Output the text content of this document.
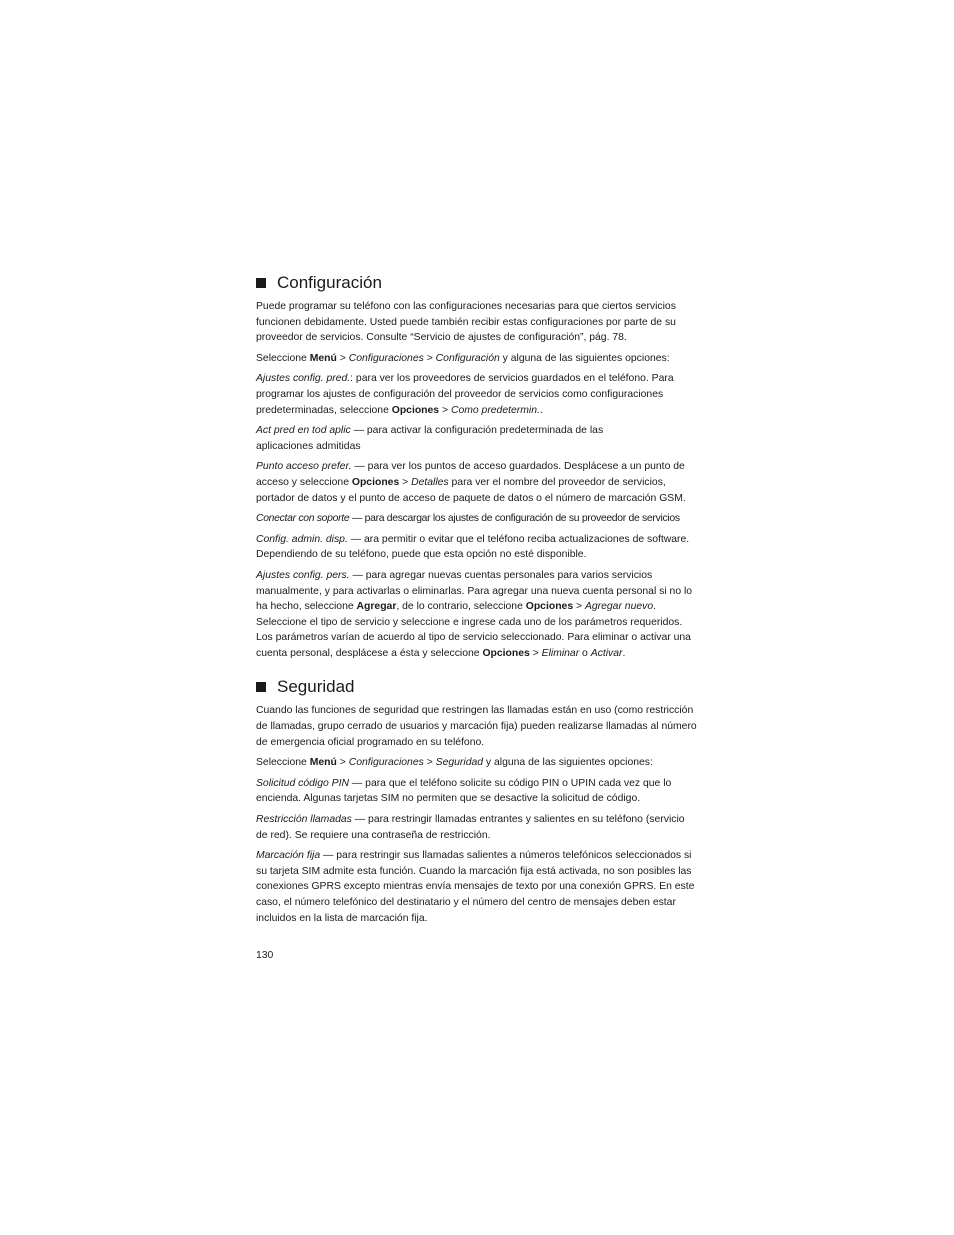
Configuración

Puede programar su teléfono con las configuraciones necesarias para que ciertos servicios funcionen debidamente. Usted puede también recibir estas configuraciones por parte de su proveedor de servicios. Consulte “Servicio de ajustes de configuración”, pág. 78.

Seleccione Menú > Configuraciones > Configuración y alguna de las siguientes opciones:

Ajustes config. pred.: para ver los proveedores de servicios guardados en el teléfono. Para programar los ajustes de configuración del proveedor de servicios como configuraciones predeterminadas, seleccione Opciones > Como predetermin..

Act pred en tod aplic — para activar la configuración predeterminada de las aplicaciones admitidas

Punto acceso prefer. — para ver los puntos de acceso guardados. Desplácese a un punto de acceso y seleccione Opciones > Detalles para ver el nombre del proveedor de servicios, portador de datos y el punto de acceso de paquete de datos o el número de marcación GSM.

Conectar con soporte — para descargar los ajustes de configuración de su proveedor de servicios

Config. admin. disp. — ara permitir o evitar que el teléfono reciba actualizaciones de software. Dependiendo de su teléfono, puede que esta opción no esté disponible.

Ajustes config. pers. — para agregar nuevas cuentas personales para varios servicios manualmente, y para activarlas o eliminarlas. Para agregar una nueva cuenta personal si no lo ha hecho, seleccione Agregar, de lo contrario, seleccione Opciones > Agregar nuevo. Seleccione el tipo de servicio y seleccione e ingrese cada uno de los parámetros requeridos. Los parámetros varían de acuerdo al tipo de servicio seleccionado. Para eliminar o activar una cuenta personal, desplácese a ésta y seleccione Opciones > Eliminar o Activar.

Seguridad

Cuando las funciones de seguridad que restringen las llamadas están en uso (como restricción de llamadas, grupo cerrado de usuarios y marcación fija) pueden realizarse llamadas al número de emergencia oficial programado en su teléfono.

Seleccione Menú > Configuraciones > Seguridad y alguna de las siguientes opciones:

Solicitud código PIN — para que el teléfono solicite su código PIN o UPIN cada vez que lo encienda. Algunas tarjetas SIM no permiten que se desactive la solicitud de código.

Restricción llamadas — para restringir llamadas entrantes y salientes en su teléfono (servicio de red). Se requiere una contraseña de restricción.

Marcación fija — para restringir sus llamadas salientes a números telefónicos seleccionados si su tarjeta SIM admite esta función. Cuando la marcación fija está activada, no son posibles las conexiones GPRS excepto mientras envía mensajes de texto por una conexión GPRS. En este caso, el número telefónico del destinatario y el número del centro de mensajes deben estar incluidos en la lista de marcación fija.

130
